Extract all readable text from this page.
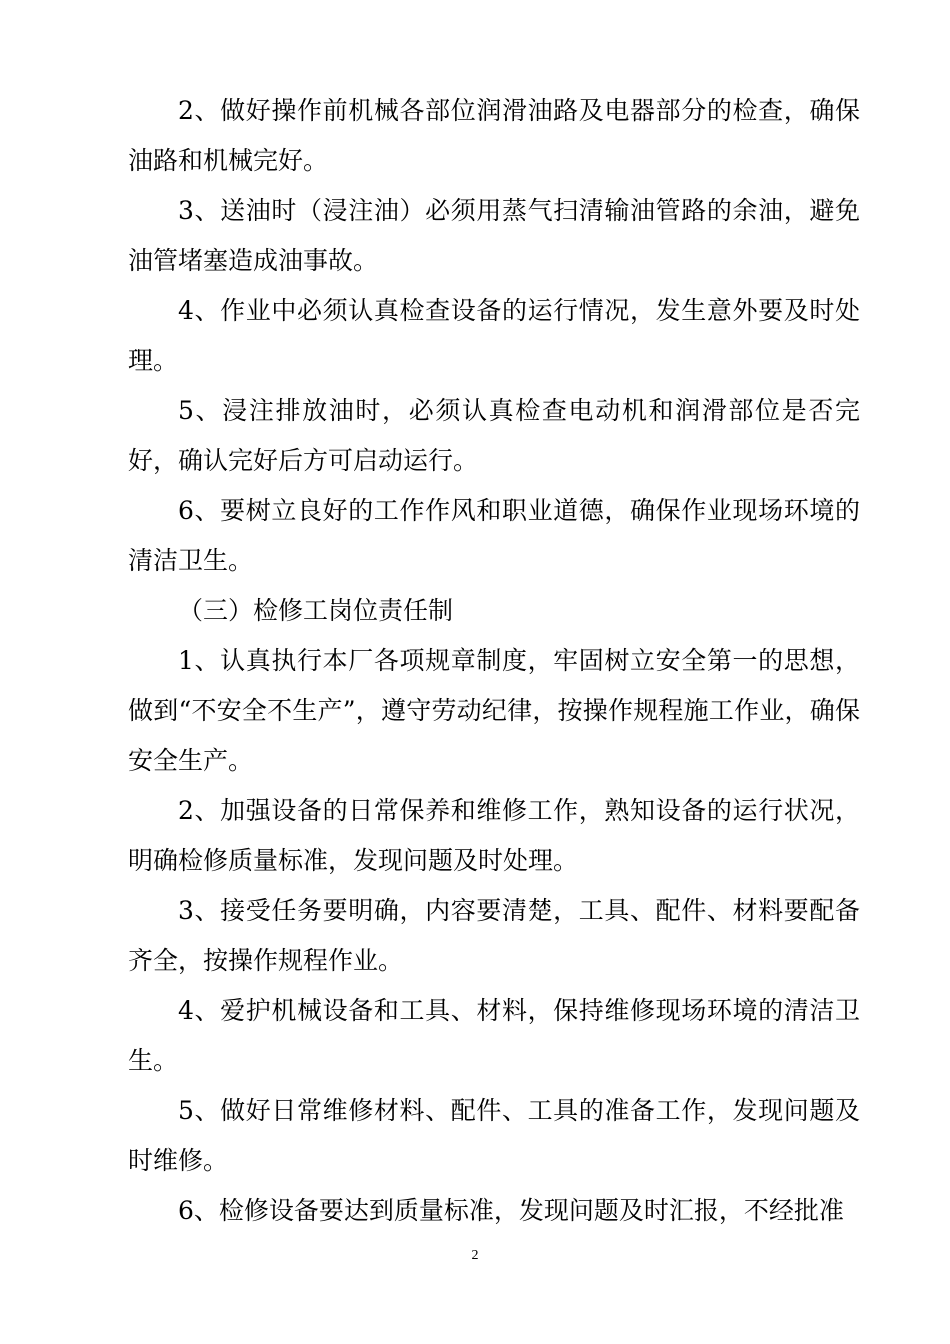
2、做好操作前机械各部位润滑油路及电器部分的检查，确保油路和机械完好。

3、送油时（浸注油）必须用蒸气扫清输油管路的余油，避免油管堵塞造成油事故。

4、作业中必须认真检查设备的运行情况，发生意外要及时处理。

5、浸注排放油时，必须认真检查电动机和润滑部位是否完好，确认完好后方可启动运行。

6、要树立良好的工作作风和职业道德，确保作业现场环境的清洁卫生。

（三）检修工岗位责任制

1、认真执行本厂各项规章制度，牢固树立安全第一的思想，做到“不安全不生产”，遵守劳动纪律，按操作规程施工作业，确保安全生产。

2、加强设备的日常保养和维修工作，熟知设备的运行状况，明确检修质量标准，发现问题及时处理。

3、接受任务要明确，内容要清楚，工具、配件、材料要配备齐全，按操作规程作业。

4、爱护机械设备和工具、材料，保持维修现场环境的清洁卫生。

5、做好日常维修材料、配件、工具的准备工作，发现问题及时维修。

6、检修设备要达到质量标准，发现问题及时汇报，不经批准

2
